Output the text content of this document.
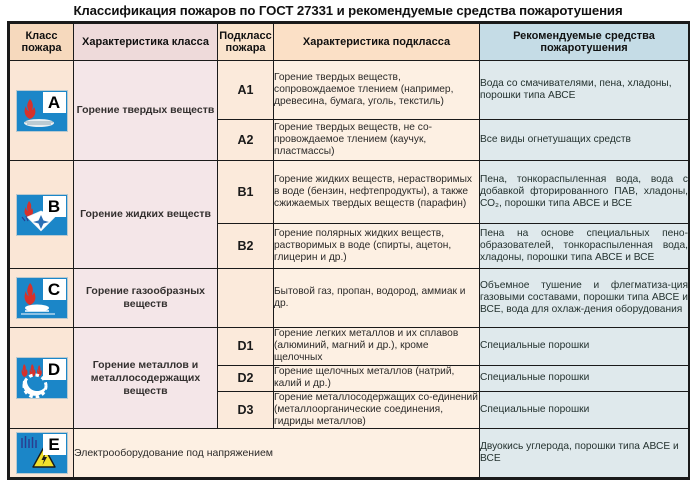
Классификация пожаров по ГОСТ 27331 и рекомендуемые средства пожаротушения
Класс пожара	Характеристика класса	Подкласс пожара	Характеристика подкласса	Рекомендуемые средства пожаротушения

A	Горение твердых веществ	A1	Горение твердых веществ, сопровождаемое тлением (например, древесина, бумага, уголь, текстиль)	Вода со смачивателями, пена, хладоны, порошки типа АВСЕ
		A2	Горение твердых веществ, не со-провождаемое тлением (каучук, пластмассы)	Все виды огнетушащих средств

B	Горение жидких веществ	B1	Горение жидких веществ, нерастворимых в воде (бензин, нефтепродукты), а также сжижаемых твердых веществ (парафин)	Пена, тонкораспыленная вода, вода с добавкой фторированного ПАВ, хладоны, СО₂, порошки типа АВСЕ и ВСЕ
		B2	Горение полярных жидких веществ, растворимых в воде (спирты, ацетон, глицерин и др.)	Пена на основе специальных пено-образователей, тонкораспыленная вода, хладоны, порошки типа АВСЕ и ВСЕ

C	Горение газообразных веществ		Бытовой газ, пропан, водород, аммиак и др.	Объемное тушение и флегматиза-ция газовыми составами, порошки типа АВСЕ и ВСЕ, вода для охлаж-дения оборудования

D	Горение металлов и металлосодержащих веществ	D1	Горение легких металлов и их сплавов (алюминий, магний и др.), кроме щелочных	Специальные порошки
		D2	Горение щелочных металлов (натрий, калий и др.)	Специальные порошки
		D3	Горение металлосодержащих со-единений (металлоорганические соединения, гидриды металлов)	Специальные порошки

E	Электрооборудование под напряжением			Двуокись углерода, порошки типа АВСЕ и ВСЕ
